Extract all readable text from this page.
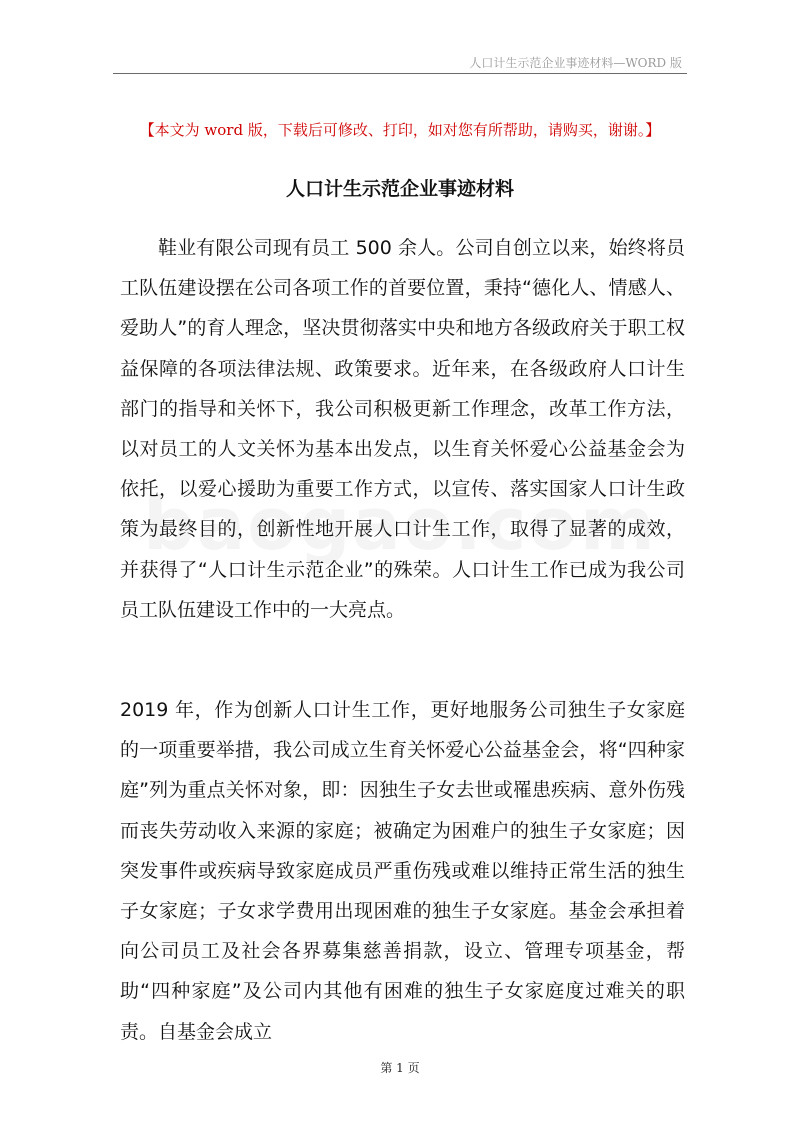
人口计生示范企业事迹材料—WORD 版
【本文为 word 版，下载后可修改、打印，如对您有所帮助，请购买，谢谢。】
人口计生示范企业事迹材料

鞋业有限公司现有员工 500 余人。公司自创立以来，始终将员工队伍建设摆在公司各项工作的首要位置，秉持“德化人、情感人、爱助人”的育人理念，坚决贯彻落实中央和地方各级政府关于职工权益保障的各项法律法规、政策要求。近年来，在各级政府人口计生部门的指导和关怀下，我公司积极更新工作理念，改革工作方法，以对员工的人文关怀为基本出发点，以生育关怀爱心公益基金会为依托，以爱心援助为重要工作方式，以宣传、落实国家人口计生政策为最终目的，创新性地开展人口计生工作，取得了显著的成效，并获得了“人口计生示范企业”的殊荣。人口计生工作已成为我公司员工队伍建设工作中的一大亮点。

2019 年，作为创新人口计生工作，更好地服务公司独生子女家庭的一项重要举措，我公司成立生育关怀爱心公益基金会，将“四种家庭”列为重点关怀对象，即：因独生子女去世或罹患疾病、意外伤残而丧失劳动收入来源的家庭；被确定为困难户的独生子女家庭；因突发事件或疾病导致家庭成员严重伤残或难以维持正常生活的独生子女家庭；子女求学费用出现困难的独生子女家庭。基金会承担着向公司员工及社会各界募集慈善捐款，设立、管理专项基金，帮助“四种家庭”及公司内其他有困难的独生子女家庭度过难关的职责。自基金会成立

第 1 页
